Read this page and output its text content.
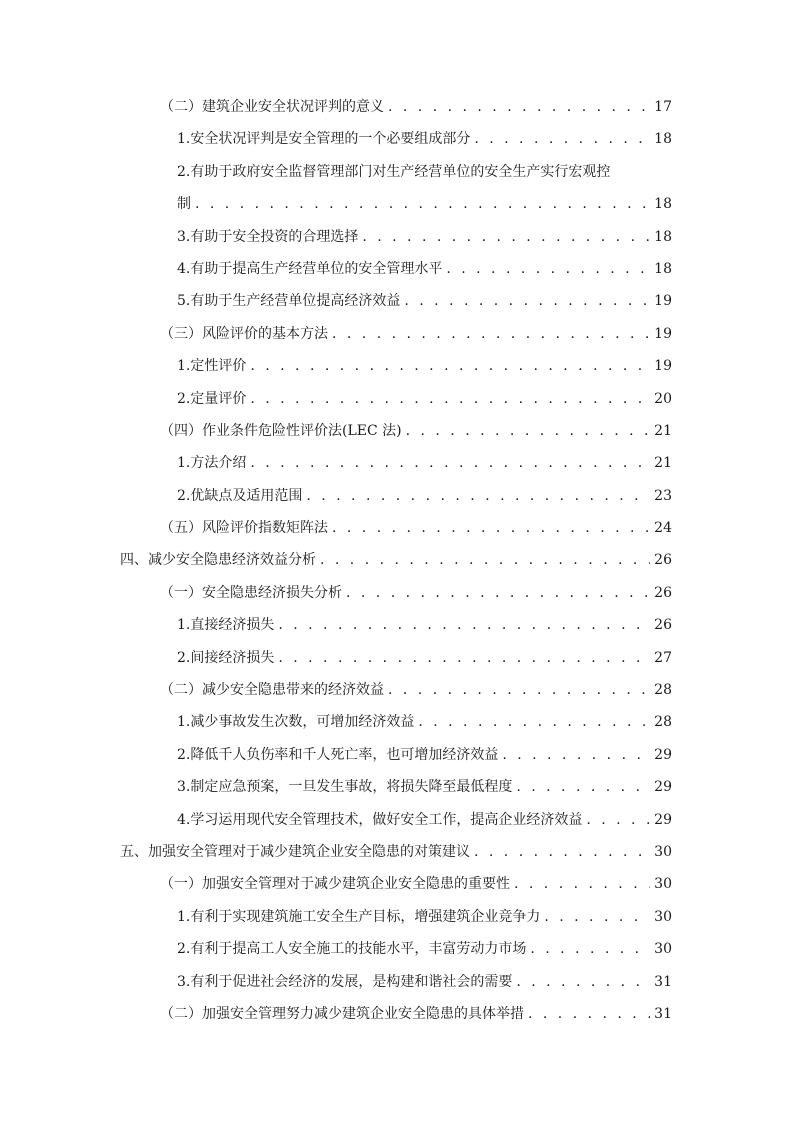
（二）建筑企业安全状况评判的意义 . . .	17
1.安全状况评判是安全管理的一个必要组成部分 . . .	18
2.有助于政府安全监督管理部门对生产经营单位的安全生产实行宏观控
制 . . .	18
3.有助于安全投资的合理选择 . . .	18
4.有助于提高生产经营单位的安全管理水平 . . .	18
5.有助于生产经营单位提高经济效益 . . .	19
（三）风险评价的基本方法 . . .	19
1.定性评价 . . .	19
2.定量评价 . . .	20
（四）作业条件危险性评价法(LEC 法) . . .	21
1.方法介绍 . . .	21
2.优缺点及适用范围 . . .	23
（五）风险评价指数矩阵法 . . .	24
四、减少安全隐患经济效益分析 . . .	26
（一）安全隐患经济损失分析 . . .	26
1.直接经济损失 . . .	26
2.间接经济损失 . . .	27
（二）减少安全隐患带来的经济效益 . . .	28
1.减少事故发生次数，可增加经济效益 . . .	28
2.降低千人负伤率和千人死亡率，也可增加经济效益 . . .	29
3.制定应急预案，一旦发生事故，将损失降至最低程度 . . .	29
4.学习运用现代安全管理技术，做好安全工作，提高企业经济效益 . . .	29
五、加强安全管理对于减少建筑企业安全隐患的对策建议 . . .	30
（一）加强安全管理对于减少建筑企业安全隐患的重要性 . . .	30
1.有利于实现建筑施工安全生产目标，增强建筑企业竞争力 . . .	30
2.有利于提高工人安全施工的技能水平，丰富劳动力市场 . . .	30
3.有利于促进社会经济的发展，是构建和谐社会的需要 . . .	31
（二）加强安全管理努力减少建筑企业安全隐患的具体举措 . . .	31
